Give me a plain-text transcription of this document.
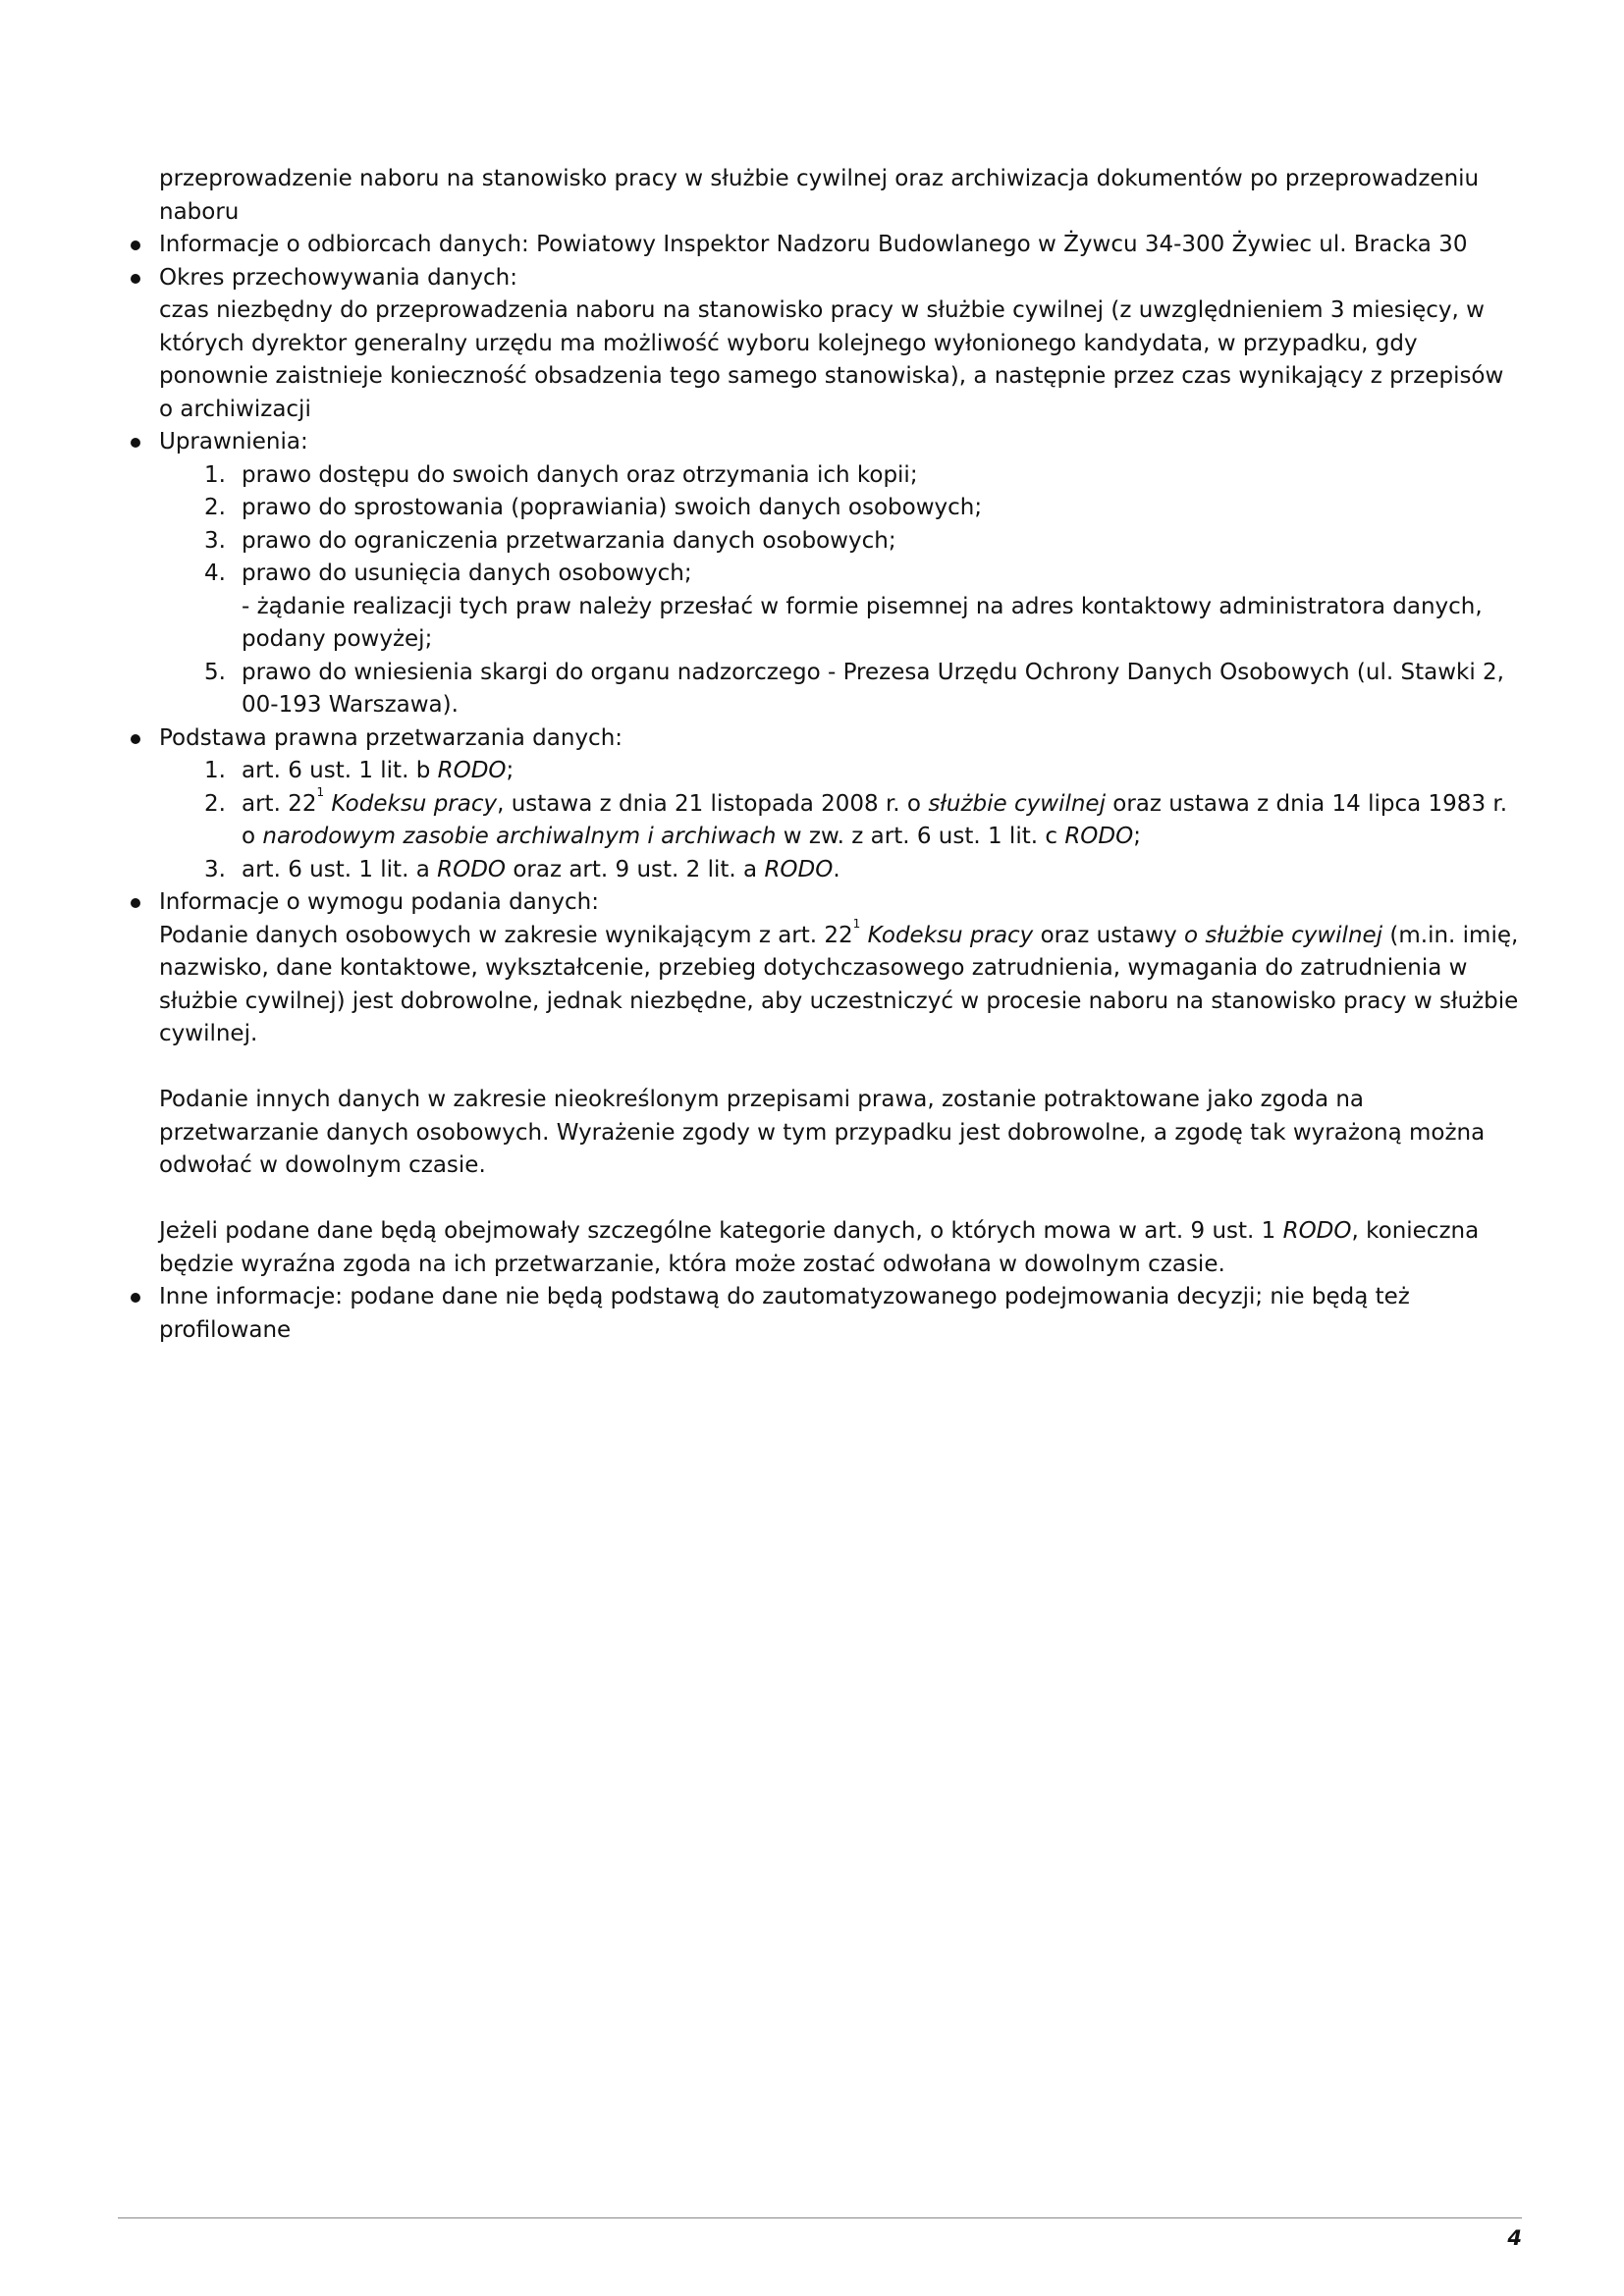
przeprowadzenie naboru na stanowisko pracy w służbie cywilnej oraz archiwizacja dokumentów po przeprowadzeniu naboru
Informacje o odbiorcach danych: Powiatowy Inspektor Nadzoru Budowlanego w Żywcu 34-300 Żywiec ul. Bracka 30
Okres przechowywania danych:
czas niezbędny do przeprowadzenia naboru na stanowisko pracy w służbie cywilnej (z uwzględnieniem 3 miesięcy, w których dyrektor generalny urzędu ma możliwość wyboru kolejnego wyłonionego kandydata, w przypadku, gdy ponownie zaistnieje konieczność obsadzenia tego samego stanowiska), a następnie przez czas wynikający z przepisów o archiwizacji
Uprawnienia:
1. prawo dostępu do swoich danych oraz otrzymania ich kopii;
2. prawo do sprostowania (poprawiania) swoich danych osobowych;
3. prawo do ograniczenia przetwarzania danych osobowych;
4. prawo do usunięcia danych osobowych;
- żądanie realizacji tych praw należy przesłać w formie pisemnej na adres kontaktowy administratora danych, podany powyżej;
5. prawo do wniesienia skargi do organu nadzorczego - Prezesa Urzędu Ochrony Danych Osobowych (ul. Stawki 2, 00-193 Warszawa).
Podstawa prawna przetwarzania danych:
1. art. 6 ust. 1 lit. b RODO;
2. art. $22^1$ Kodeksu pracy, ustawa z dnia 21 listopada 2008 r. o służbie cywilnej oraz ustawa z dnia 14 lipca 1983 r. o narodowym zasobie archiwalnym i archiwach w zw. z art. 6 ust. 1 lit. c RODO;
3. art. 6 ust. 1 lit. a RODO oraz art. 9 ust. 2 lit. a RODO.
Informacje o wymogu podania danych:
Podanie danych osobowych w zakresie wynikającym z art. $22^1$ Kodeksu pracy oraz ustawy o służbie cywilnej (m.in. imię, nazwisko, dane kontaktowe, wykształcenie, przebieg dotychczasowego zatrudnienia, wymagania do zatrudnienia w służbie cywilnej) jest dobrowolne, jednak niezbędne, aby uczestniczyć w procesie naboru na stanowisko pracy w służbie cywilnej.
Podanie innych danych w zakresie nieokreślonym przepisami prawa, zostanie potraktowane jako zgoda na przetwarzanie danych osobowych. Wyrażenie zgody w tym przypadku jest dobrowolne, a zgodę tak wyrażoną można odwołać w dowolnym czasie.
Jeżeli podane dane będą obejmowały szczególne kategorie danych, o których mowa w art. 9 ust. 1 RODO, konieczna będzie wyraźna zgoda na ich przetwarzanie, która może zostać odwołana w dowolnym czasie.
Inne informacje: podane dane nie będą podstawą do zautomatyzowanego podejmowania decyzji; nie będą też profilowane
4
